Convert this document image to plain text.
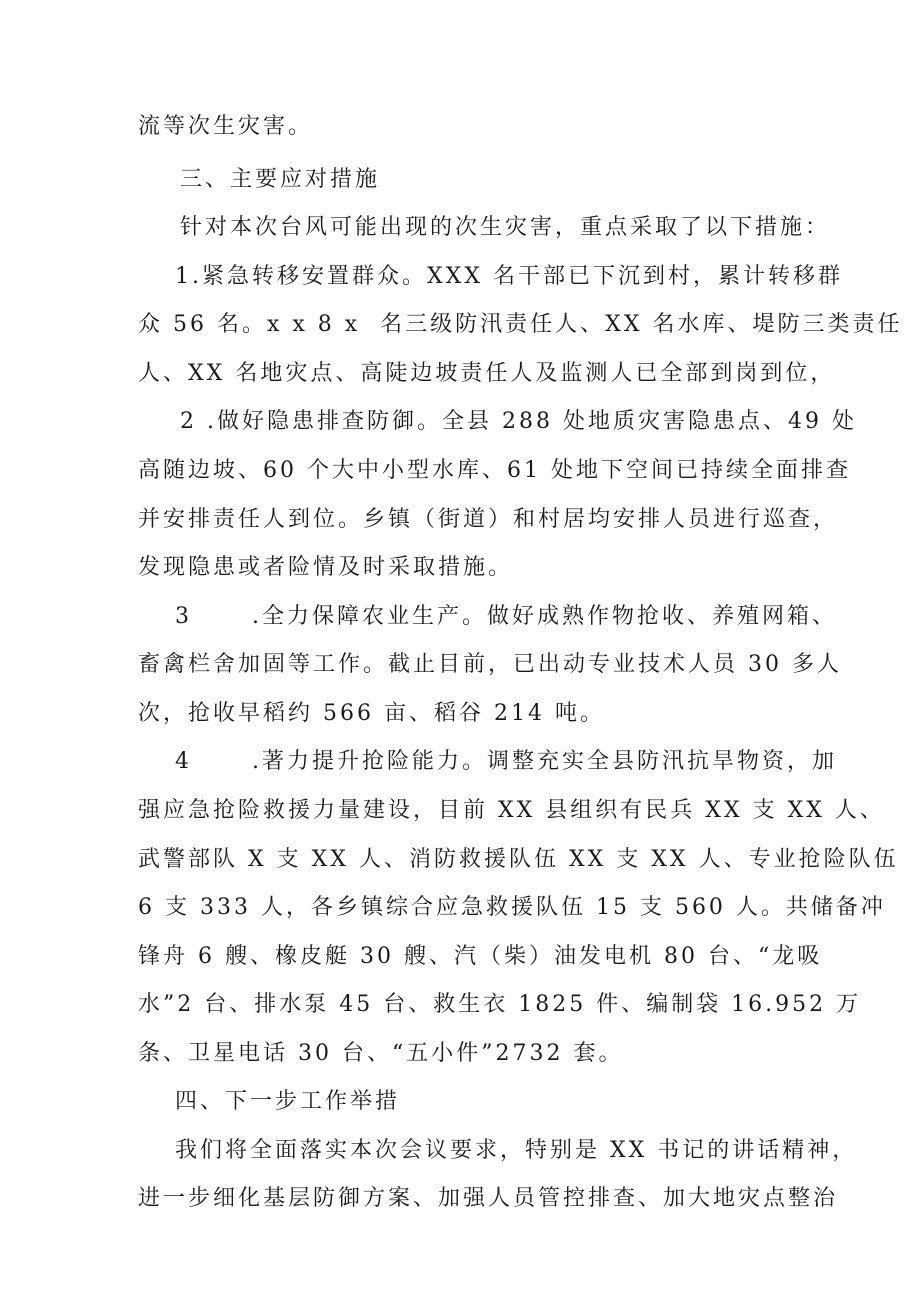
流等次生灾害。
三、主要应对措施
针对本次台风可能出现的次生灾害，重点采取了以下措施：
1.紧急转移安置群众。XXX 名干部已下沉到村，累计转移群
众 56 名。x x 8 x  名三级防汛责任人、XX 名水库、堤防三类责任
人、XX 名地灾点、高陡边坡责任人及监测人已全部到岗到位，
2 .做好隐患排查防御。全县 288 处地质灾害隐患点、49 处
高随边坡、60 个大中小型水库、61 处地下空间已持续全面排查
并安排责任人到位。乡镇（街道）和村居均安排人员进行巡查，
发现隐患或者险情及时采取措施。
3      .全力保障农业生产。做好成熟作物抢收、养殖网箱、
畜禽栏舍加固等工作。截止目前，已出动专业技术人员 30 多人
次，抢收早稻约 566 亩、稻谷 214 吨。
4      .著力提升抢险能力。调整充实全县防汛抗旱物资，加
强应急抢险救援力量建设，目前 XX 县组织有民兵 XX 支 XX 人、
武警部队 X 支 XX 人、消防救援队伍 XX 支 XX 人、专业抢险队伍
6 支 333 人，各乡镇综合应急救援队伍 15 支 560 人。共储备冲
锋舟 6 艘、橡皮艇 30 艘、汽（柴）油发电机 80 台、“龙吸
水”2 台、排水泵 45 台、救生衣 1825 件、编制袋 16.952 万
条、卫星电话 30 台、“五小件”2732 套。
四、下一步工作举措
我们将全面落实本次会议要求，特别是 XX 书记的讲话精神，
进一步细化基层防御方案、加强人员管控排查、加大地灾点整治
